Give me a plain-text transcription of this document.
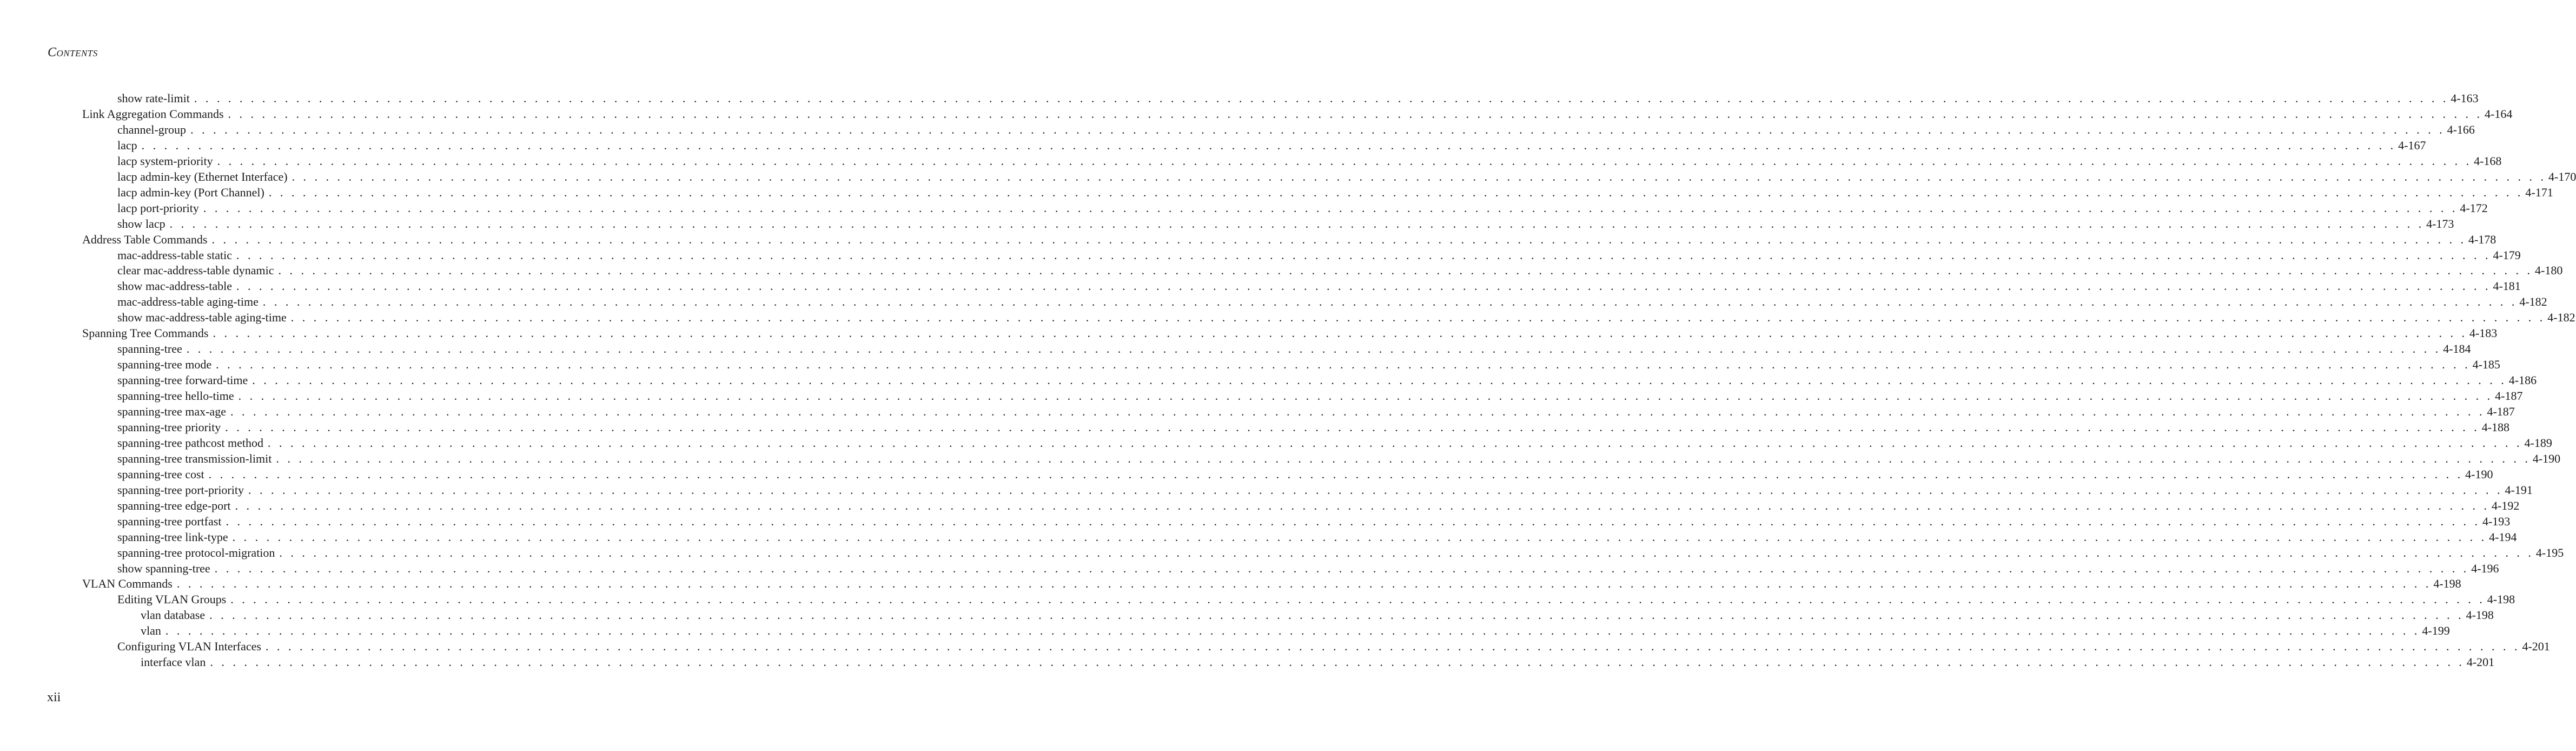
Contents
show rate-limit . . . . . . . . . . . . . . . . . . . . . . . . . . . . . . . . . . . . . . . . . . . . . . . . . . . . . . . . . . . . . . . . . . . . . . . . . . . . . . . . . . . . . . . . . . . . . . . . . . . . . . . . . . . . . . . . . . . . . . . . . . . . . . . . . . . . . . . . . . . . . . . . . . . . . . . . . . . . . . . . . . . . . . . . . . . . . . . . . . . . . . . . . . . . . . . . . . . . . . . 4-163
Link Aggregation Commands . . . . . . . . . . . . . . . . . . . . . . . . . . . . . . . . . . . . . . . . . . . . . . . . . . . . . . . . . . . . . . . . . . . . . . . . . . . . . . . . . . . . . . . . . . . . . . . . . . . . . . . . . . . . . . . . . . . . . . . . . . . . . . . . . . . . . . . . . . . . . . . . . . . . . . . . . . . . . . . . . . . . . . . . . . . . . . . . . . . . . . . . . . . . . . . . . . . . . . . 4-164
channel-group . . . . . . . . . . . . . . . . . . . . . . . . . . . . . . . . . . . . . . . . . . . . . . . . . . . . . . . . . . . . . . . . . . . . . . . . . . . . . . . . . . . . . . . . . . . . . . . . . . . . . . . . . . . . . . . . . . . . . . . . . . . . . . . . . . . . . . . . . . . . . . . . . . . . . . . . . . . . . . . . . . . . . . . . . . . . . . . . . . . . . . . . . . . . . . . . . . . . . . . 4-166
lacp . . . . . . . . . . . . . . . . . . . . . . . . . . . . . . . . . . . . . . . . . . . . . . . . . . . . . . . . . . . . . . . . . . . . . . . . . . . . . . . . . . . . . . . . . . . . . . . . . . . . . . . . . . . . . . . . . . . . . . . . . . . . . . . . . . . . . . . . . . . . . . . . . . . . . . . . . . . . . . . . . . . . . . . . . . . . . . . . . . . . . . . . . . . . . . . . . . . . . . . 4-167
lacp system-priority . . . . . . . . . . . . . . . . . . . . . . . . . . . . . . . . . . . . . . . . . . . . . . . . . . . . . . . . . . . . . . . . . . . . . . . . . . . . . . . . . . . . . . . . . . . . . . . . . . . . . . . . . . . . . . . . . . . . . . . . . . . . . . . . . . . . . . . . . . . . . . . . . . . . . . . . . . . . . . . . . . . . . . . . . . . . . . . . . . . . . . . . . . . . . . . . . . . . . . . 4-168
lacp admin-key (Ethernet Interface) . . . . . . . . . . . . . . . . . . . . . . . . . . . . . . . . . . . . . . . . . . . . . . . . . . . . . . . . . . . . . . . . . . . . . . . . . . . . . . . . . . . . . . . . . . . . . . . . . . . . . . . . . . . . . . . . . . . . . . . . . . . . . . . . . . . . . . . . . . . . . . . . . . . . . . . . . . . . . . . . . . . . . . . . . . . . . . . . . . . . . . . . . . . . . . . . . . . . . . . 4-170
lacp admin-key (Port Channel) . . . . . . . . . . . . . . . . . . . . . . . . . . . . . . . . . . . . . . . . . . . . . . . . . . . . . . . . . . . . . . . . . . . . . . . . . . . . . . . . . . . . . . . . . . . . . . . . . . . . . . . . . . . . . . . . . . . . . . . . . . . . . . . . . . . . . . . . . . . . . . . . . . . . . . . . . . . . . . . . . . . . . . . . . . . . . . . . . . . . . . . . . . . . . . . . . . . . . . . 4-171
lacp port-priority . . . . . . . . . . . . . . . . . . . . . . . . . . . . . . . . . . . . . . . . . . . . . . . . . . . . . . . . . . . . . . . . . . . . . . . . . . . . . . . . . . . . . . . . . . . . . . . . . . . . . . . . . . . . . . . . . . . . . . . . . . . . . . . . . . . . . . . . . . . . . . . . . . . . . . . . . . . . . . . . . . . . . . . . . . . . . . . . . . . . . . . . . . . . . . . . . . . . . . . 4-172
show lacp . . . . . . . . . . . . . . . . . . . . . . . . . . . . . . . . . . . . . . . . . . . . . . . . . . . . . . . . . . . . . . . . . . . . . . . . . . . . . . . . . . . . . . . . . . . . . . . . . . . . . . . . . . . . . . . . . . . . . . . . . . . . . . . . . . . . . . . . . . . . . . . . . . . . . . . . . . . . . . . . . . . . . . . . . . . . . . . . . . . . . . . . . . . . . . . . . . . . . . . 4-173
Address Table Commands . . . . . . . . . . . . . . . . . . . . . . . . . . . . . . . . . . . . . . . . . . . . . . . . . . . . . . . . . . . . . . . . . . . . . . . . . . . . . . . . . . . . . . . . . . . . . . . . . . . . . . . . . . . . . . . . . . . . . . . . . . . . . . . . . . . . . . . . . . . . . . . . . . . . . . . . . . . . . . . . . . . . . . . . . . . . . . . . . . . . . . . . . . . . . . . . . . . . . . . 4-178
mac-address-table static . . . . . . . . . . . . . . . . . . . . . . . . . . . . . . . . . . . . . . . . . . . . . . . . . . . . . . . . . . . . . . . . . . . . . . . . . . . . . . . . . . . . . . . . . . . . . . . . . . . . . . . . . . . . . . . . . . . . . . . . . . . . . . . . . . . . . . . . . . . . . . . . . . . . . . . . . . . . . . . . . . . . . . . . . . . . . . . . . . . . . . . . . . . . . . . . . . . . . . . 4-179
clear mac-address-table dynamic . . . . . . . . . . . . . . . . . . . . . . . . . . . . . . . . . . . . . . . . . . . . . . . . . . . . . . . . . . . . . . . . . . . . . . . . . . . . . . . . . . . . . . . . . . . . . . . . . . . . . . . . . . . . . . . . . . . . . . . . . . . . . . . . . . . . . . . . . . . . . . . . . . . . . . . . . . . . . . . . . . . . . . . . . . . . . . . . . . . . . . . . . . . . . . . . . . . . . . . 4-180
show mac-address-table . . . . . . . . . . . . . . . . . . . . . . . . . . . . . . . . . . . . . . . . . . . . . . . . . . . . . . . . . . . . . . . . . . . . . . . . . . . . . . . . . . . . . . . . . . . . . . . . . . . . . . . . . . . . . . . . . . . . . . . . . . . . . . . . . . . . . . . . . . . . . . . . . . . . . . . . . . . . . . . . . . . . . . . . . . . . . . . . . . . . . . . . . . . . . . . . . . . . . . . 4-181
mac-address-table aging-time . . . . . . . . . . . . . . . . . . . . . . . . . . . . . . . . . . . . . . . . . . . . . . . . . . . . . . . . . . . . . . . . . . . . . . . . . . . . . . . . . . . . . . . . . . . . . . . . . . . . . . . . . . . . . . . . . . . . . . . . . . . . . . . . . . . . . . . . . . . . . . . . . . . . . . . . . . . . . . . . . . . . . . . . . . . . . . . . . . . . . . . . . . . . . . . . . . . . . . . 4-182
show mac-address-table aging-time . . . . . . . . . . . . . . . . . . . . . . . . . . . . . . . . . . . . . . . . . . . . . . . . . . . . . . . . . . . . . . . . . . . . . . . . . . . . . . . . . . . . . . . . . . . . . . . . . . . . . . . . . . . . . . . . . . . . . . . . . . . . . . . . . . . . . . . . . . . . . . . . . . . . . . . . . . . . . . . . . . . . . . . . . . . . . . . . . . . . . . . . . . . . . . . . . . . . . . . 4-182
Spanning Tree Commands . . . . . . . . . . . . . . . . . . . . . . . . . . . . . . . . . . . . . . . . . . . . . . . . . . . . . . . . . . . . . . . . . . . . . . . . . . . . . . . . . . . . . . . . . . . . . . . . . . . . . . . . . . . . . . . . . . . . . . . . . . . . . . . . . . . . . . . . . . . . . . . . . . . . . . . . . . . . . . . . . . . . . . . . . . . . . . . . . . . . . . . . . . . . . . . . . . . . . . . 4-183
spanning-tree . . . . . . . . . . . . . . . . . . . . . . . . . . . . . . . . . . . . . . . . . . . . . . . . . . . . . . . . . . . . . . . . . . . . . . . . . . . . . . . . . . . . . . . . . . . . . . . . . . . . . . . . . . . . . . . . . . . . . . . . . . . . . . . . . . . . . . . . . . . . . . . . . . . . . . . . . . . . . . . . . . . . . . . . . . . . . . . . . . . . . . . . . . . . . . . . . . . . . . . 4-184
spanning-tree mode . . . . . . . . . . . . . . . . . . . . . . . . . . . . . . . . . . . . . . . . . . . . . . . . . . . . . . . . . . . . . . . . . . . . . . . . . . . . . . . . . . . . . . . . . . . . . . . . . . . . . . . . . . . . . . . . . . . . . . . . . . . . . . . . . . . . . . . . . . . . . . . . . . . . . . . . . . . . . . . . . . . . . . . . . . . . . . . . . . . . . . . . . . . . . . . . . . . . . . . 4-185
spanning-tree forward-time . . . . . . . . . . . . . . . . . . . . . . . . . . . . . . . . . . . . . . . . . . . . . . . . . . . . . . . . . . . . . . . . . . . . . . . . . . . . . . . . . . . . . . . . . . . . . . . . . . . . . . . . . . . . . . . . . . . . . . . . . . . . . . . . . . . . . . . . . . . . . . . . . . . . . . . . . . . . . . . . . . . . . . . . . . . . . . . . . . . . . . . . . . . . . . . . . . . . . . . 4-186
spanning-tree hello-time . . . . . . . . . . . . . . . . . . . . . . . . . . . . . . . . . . . . . . . . . . . . . . . . . . . . . . . . . . . . . . . . . . . . . . . . . . . . . . . . . . . . . . . . . . . . . . . . . . . . . . . . . . . . . . . . . . . . . . . . . . . . . . . . . . . . . . . . . . . . . . . . . . . . . . . . . . . . . . . . . . . . . . . . . . . . . . . . . . . . . . . . . . . . . . . . . . . . . . . 4-187
spanning-tree max-age . . . . . . . . . . . . . . . . . . . . . . . . . . . . . . . . . . . . . . . . . . . . . . . . . . . . . . . . . . . . . . . . . . . . . . . . . . . . . . . . . . . . . . . . . . . . . . . . . . . . . . . . . . . . . . . . . . . . . . . . . . . . . . . . . . . . . . . . . . . . . . . . . . . . . . . . . . . . . . . . . . . . . . . . . . . . . . . . . . . . . . . . . . . . . . . . . . . . . . . 4-187
spanning-tree priority . . . . . . . . . . . . . . . . . . . . . . . . . . . . . . . . . . . . . . . . . . . . . . . . . . . . . . . . . . . . . . . . . . . . . . . . . . . . . . . . . . . . . . . . . . . . . . . . . . . . . . . . . . . . . . . . . . . . . . . . . . . . . . . . . . . . . . . . . . . . . . . . . . . . . . . . . . . . . . . . . . . . . . . . . . . . . . . . . . . . . . . . . . . . . . . . . . . . . . . 4-188
spanning-tree pathcost method . . . . . . . . . . . . . . . . . . . . . . . . . . . . . . . . . . . . . . . . . . . . . . . . . . . . . . . . . . . . . . . . . . . . . . . . . . . . . . . . . . . . . . . . . . . . . . . . . . . . . . . . . . . . . . . . . . . . . . . . . . . . . . . . . . . . . . . . . . . . . . . . . . . . . . . . . . . . . . . . . . . . . . . . . . . . . . . . . . . . . . . . . . . . . . . . . . . . . . . 4-189
spanning-tree transmission-limit . . . . . . . . . . . . . . . . . . . . . . . . . . . . . . . . . . . . . . . . . . . . . . . . . . . . . . . . . . . . . . . . . . . . . . . . . . . . . . . . . . . . . . . . . . . . . . . . . . . . . . . . . . . . . . . . . . . . . . . . . . . . . . . . . . . . . . . . . . . . . . . . . . . . . . . . . . . . . . . . . . . . . . . . . . . . . . . . . . . . . . . . . . . . . . . . . . . . . . . 4-190
spanning-tree cost . . . . . . . . . . . . . . . . . . . . . . . . . . . . . . . . . . . . . . . . . . . . . . . . . . . . . . . . . . . . . . . . . . . . . . . . . . . . . . . . . . . . . . . . . . . . . . . . . . . . . . . . . . . . . . . . . . . . . . . . . . . . . . . . . . . . . . . . . . . . . . . . . . . . . . . . . . . . . . . . . . . . . . . . . . . . . . . . . . . . . . . . . . . . . . . . . . . . . . . 4-190
spanning-tree port-priority . . . . . . . . . . . . . . . . . . . . . . . . . . . . . . . . . . . . . . . . . . . . . . . . . . . . . . . . . . . . . . . . . . . . . . . . . . . . . . . . . . . . . . . . . . . . . . . . . . . . . . . . . . . . . . . . . . . . . . . . . . . . . . . . . . . . . . . . . . . . . . . . . . . . . . . . . . . . . . . . . . . . . . . . . . . . . . . . . . . . . . . . . . . . . . . . . . . . . . . 4-191
spanning-tree edge-port . . . . . . . . . . . . . . . . . . . . . . . . . . . . . . . . . . . . . . . . . . . . . . . . . . . . . . . . . . . . . . . . . . . . . . . . . . . . . . . . . . . . . . . . . . . . . . . . . . . . . . . . . . . . . . . . . . . . . . . . . . . . . . . . . . . . . . . . . . . . . . . . . . . . . . . . . . . . . . . . . . . . . . . . . . . . . . . . . . . . . . . . . . . . . . . . . . . . . . . 4-192
spanning-tree portfast . . . . . . . . . . . . . . . . . . . . . . . . . . . . . . . . . . . . . . . . . . . . . . . . . . . . . . . . . . . . . . . . . . . . . . . . . . . . . . . . . . . . . . . . . . . . . . . . . . . . . . . . . . . . . . . . . . . . . . . . . . . . . . . . . . . . . . . . . . . . . . . . . . . . . . . . . . . . . . . . . . . . . . . . . . . . . . . . . . . . . . . . . . . . . . . . . . . . . . . 4-193
spanning-tree link-type . . . . . . . . . . . . . . . . . . . . . . . . . . . . . . . . . . . . . . . . . . . . . . . . . . . . . . . . . . . . . . . . . . . . . . . . . . . . . . . . . . . . . . . . . . . . . . . . . . . . . . . . . . . . . . . . . . . . . . . . . . . . . . . . . . . . . . . . . . . . . . . . . . . . . . . . . . . . . . . . . . . . . . . . . . . . . . . . . . . . . . . . . . . . . . . . . . . . . . . 4-194
spanning-tree protocol-migration . . . . . . . . . . . . . . . . . . . . . . . . . . . . . . . . . . . . . . . . . . . . . . . . . . . . . . . . . . . . . . . . . . . . . . . . . . . . . . . . . . . . . . . . . . . . . . . . . . . . . . . . . . . . . . . . . . . . . . . . . . . . . . . . . . . . . . . . . . . . . . . . . . . . . . . . . . . . . . . . . . . . . . . . . . . . . . . . . . . . . . . . . . . . . . . . . . . . . . . 4-195
show spanning-tree . . . . . . . . . . . . . . . . . . . . . . . . . . . . . . . . . . . . . . . . . . . . . . . . . . . . . . . . . . . . . . . . . . . . . . . . . . . . . . . . . . . . . . . . . . . . . . . . . . . . . . . . . . . . . . . . . . . . . . . . . . . . . . . . . . . . . . . . . . . . . . . . . . . . . . . . . . . . . . . . . . . . . . . . . . . . . . . . . . . . . . . . . . . . . . . . . . . . . . . 4-196
VLAN Commands . . . . . . . . . . . . . . . . . . . . . . . . . . . . . . . . . . . . . . . . . . . . . . . . . . . . . . . . . . . . . . . . . . . . . . . . . . . . . . . . . . . . . . . . . . . . . . . . . . . . . . . . . . . . . . . . . . . . . . . . . . . . . . . . . . . . . . . . . . . . . . . . . . . . . . . . . . . . . . . . . . . . . . . . . . . . . . . . . . . . . . . . . . . . . . . . . . . . . . . 4-198
Editing VLAN Groups . . . . . . . . . . . . . . . . . . . . . . . . . . . . . . . . . . . . . . . . . . . . . . . . . . . . . . . . . . . . . . . . . . . . . . . . . . . . . . . . . . . . . . . . . . . . . . . . . . . . . . . . . . . . . . . . . . . . . . . . . . . . . . . . . . . . . . . . . . . . . . . . . . . . . . . . . . . . . . . . . . . . . . . . . . . . . . . . . . . . . . . . . . . . . . . . . . . . . . . 4-198
vlan database . . . . . . . . . . . . . . . . . . . . . . . . . . . . . . . . . . . . . . . . . . . . . . . . . . . . . . . . . . . . . . . . . . . . . . . . . . . . . . . . . . . . . . . . . . . . . . . . . . . . . . . . . . . . . . . . . . . . . . . . . . . . . . . . . . . . . . . . . . . . . . . . . . . . . . . . . . . . . . . . . . . . . . . . . . . . . . . . . . . . . . . . . . . . . . . . . . . . . . . 4-198
vlan . . . . . . . . . . . . . . . . . . . . . . . . . . . . . . . . . . . . . . . . . . . . . . . . . . . . . . . . . . . . . . . . . . . . . . . . . . . . . . . . . . . . . . . . . . . . . . . . . . . . . . . . . . . . . . . . . . . . . . . . . . . . . . . . . . . . . . . . . . . . . . . . . . . . . . . . . . . . . . . . . . . . . . . . . . . . . . . . . . . . . . . . . . . . . . . . . . . . . . . 4-199
Configuring VLAN Interfaces . . . . . . . . . . . . . . . . . . . . . . . . . . . . . . . . . . . . . . . . . . . . . . . . . . . . . . . . . . . . . . . . . . . . . . . . . . . . . . . . . . . . . . . . . . . . . . . . . . . . . . . . . . . . . . . . . . . . . . . . . . . . . . . . . . . . . . . . . . . . . . . . . . . . . . . . . . . . . . . . . . . . . . . . . . . . . . . . . . . . . . . . . . . . . . . . . . . . . . . 4-201
interface vlan . . . . . . . . . . . . . . . . . . . . . . . . . . . . . . . . . . . . . . . . . . . . . . . . . . . . . . . . . . . . . . . . . . . . . . . . . . . . . . . . . . . . . . . . . . . . . . . . . . . . . . . . . . . . . . . . . . . . . . . . . . . . . . . . . . . . . . . . . . . . . . . . . . . . . . . . . . . . . . . . . . . . . . . . . . . . . . . . . . . . . . . . . . . . . . . . . . . . . . . 4-201
xii
